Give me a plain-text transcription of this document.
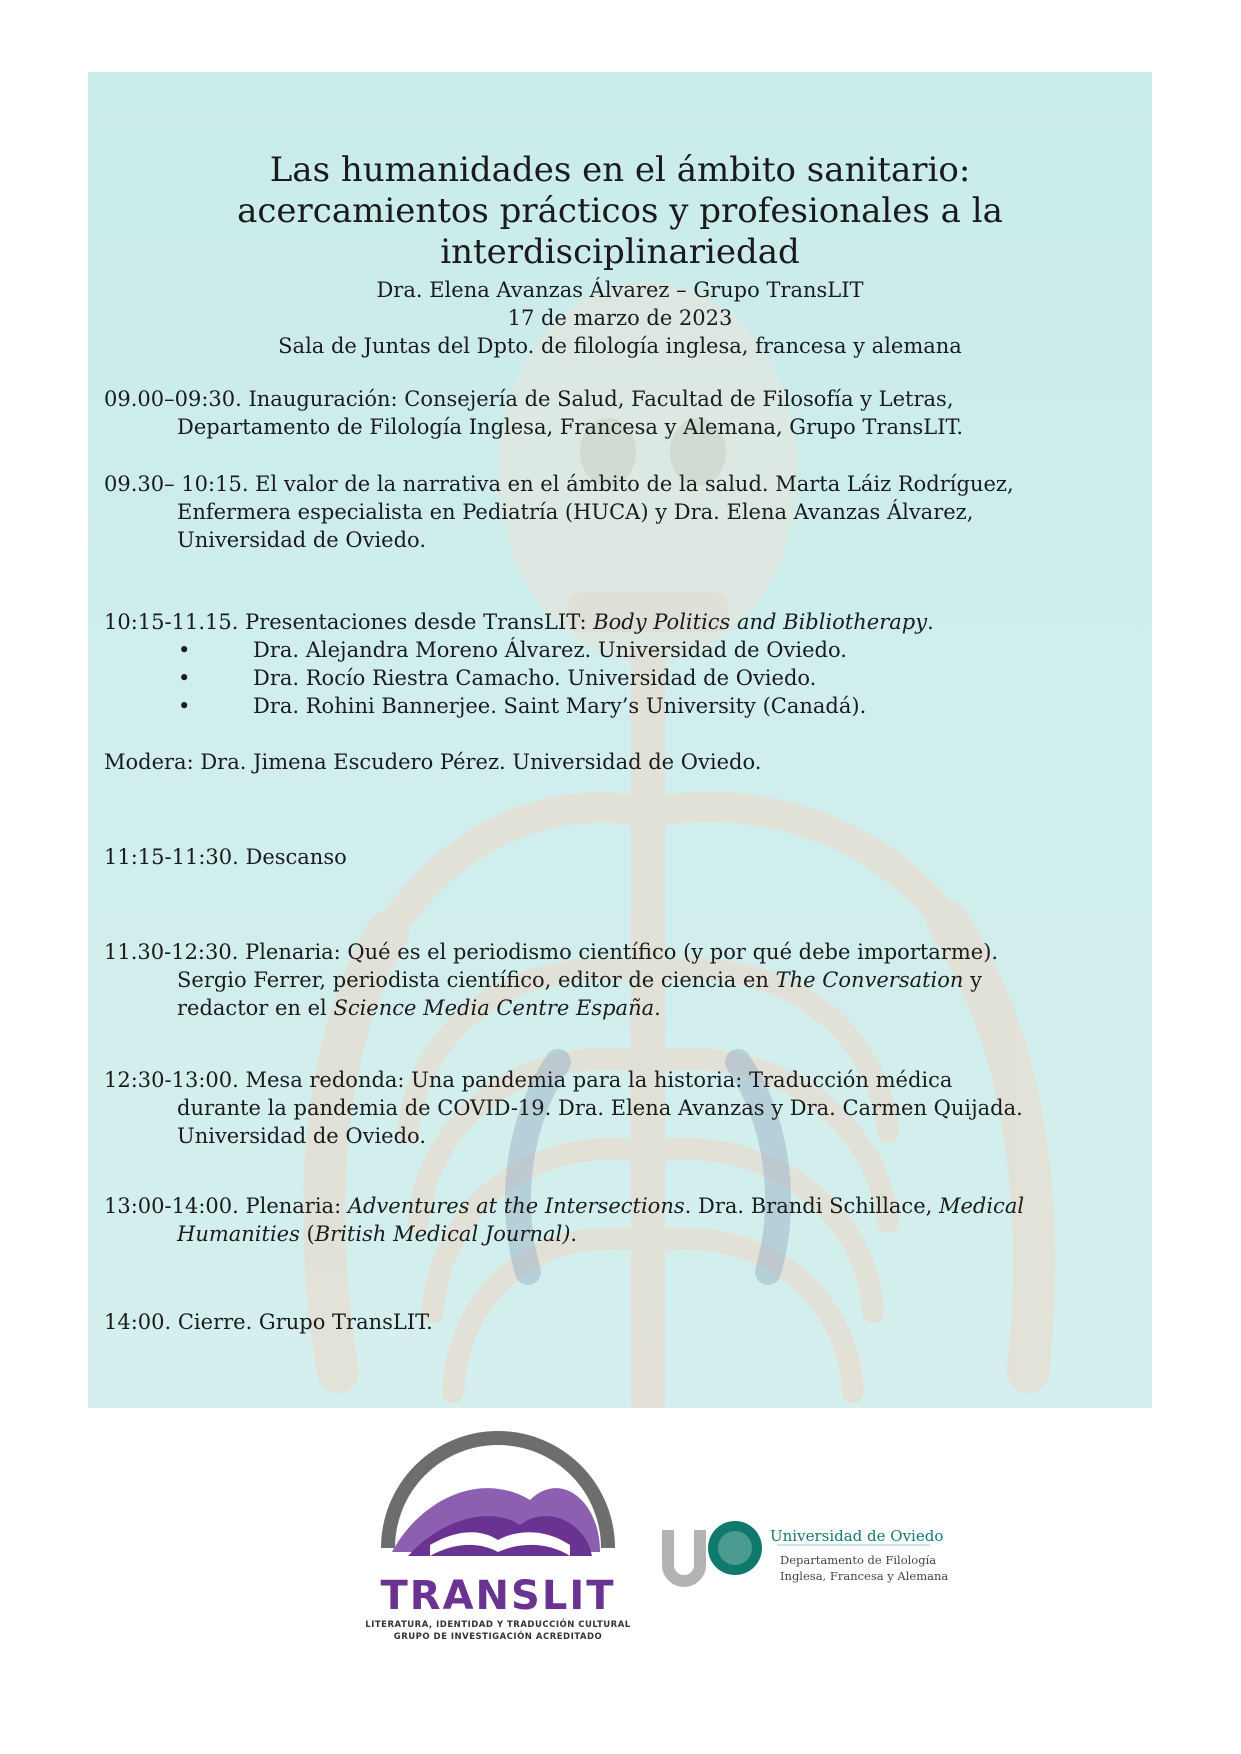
Las humanidades en el ámbito sanitario:
acercamientos prácticos y profesionales a la
interdisciplinariedad
Dra. Elena Avanzas Álvarez – Grupo TransLIT
17 de marzo de 2023
Sala de Juntas del Dpto. de filología inglesa, francesa y alemana
09.00–09:30. Inauguración: Consejería de Salud, Facultad de Filosofía y Letras,
Departamento de Filología Inglesa, Francesa y Alemana, Grupo TransLIT.
09.30– 10:15. El valor de la narrativa en el ámbito de la salud. Marta Láiz Rodríguez,
Enfermera especialista en Pediatría (HUCA) y Dra. Elena Avanzas Álvarez,
Universidad de Oviedo.
10:15-11.15. Presentaciones desde TransLIT: Body Politics and Bibliotherapy.
•	Dra. Alejandra Moreno Álvarez. Universidad de Oviedo.
•	Dra. Rocío Riestra Camacho. Universidad de Oviedo.
•	Dra. Rohini Bannerjee. Saint Mary’s University (Canadá).
Modera: Dra. Jimena Escudero Pérez. Universidad de Oviedo.
11:15-11:30. Descanso
11.30-12:30. Plenaria: Qué es el periodismo científico (y por qué debe importarme).
Sergio Ferrer, periodista científico, editor de ciencia en The Conversation y
redactor en el Science Media Centre España.
12:30-13:00. Mesa redonda: Una pandemia para la historia: Traducción médica
durante la pandemia de COVID-19. Dra. Elena Avanzas y Dra. Carmen Quijada.
Universidad de Oviedo.
13:00-14:00. Plenaria: Adventures at the Intersections. Dra. Brandi Schillace, Medical
Humanities (British Medical Journal).
14:00. Cierre. Grupo TransLIT.
TRANSLIT
LITERATURA, IDENTIDAD Y TRADUCCIÓN CULTURAL
GRUPO DE INVESTIGACIÓN ACREDITADO
Universidad de Oviedo
Departamento de Filología
Inglesa, Francesa y Alemana
